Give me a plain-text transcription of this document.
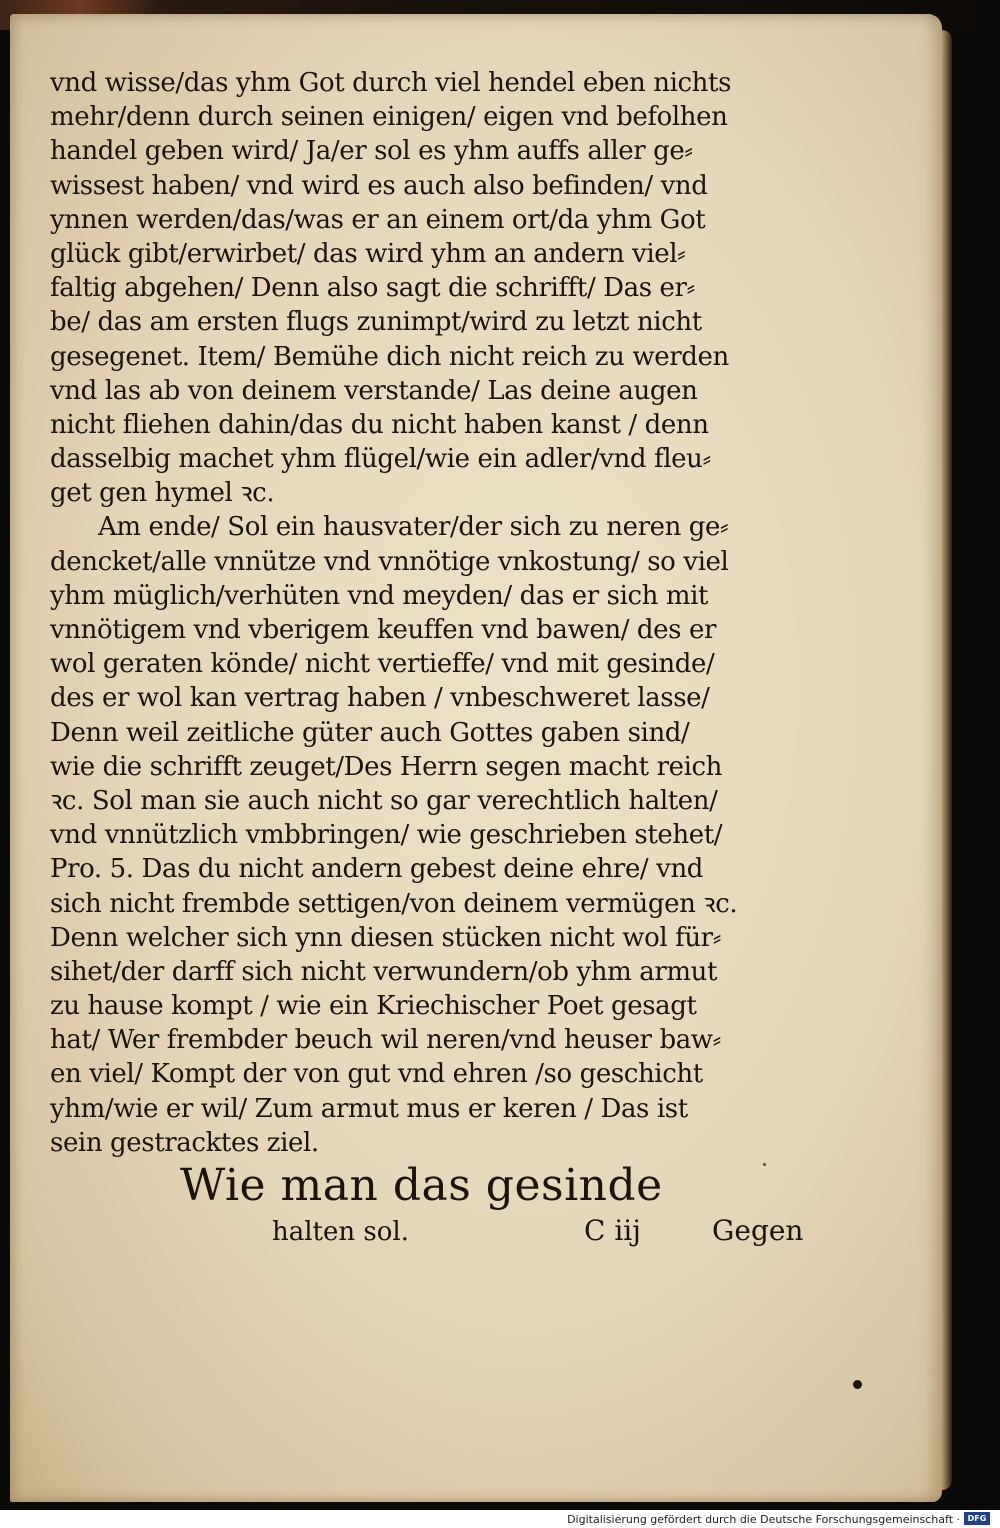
vnd wisse/das yhm Got durch viel hendel eben nichts
mehr/denn durch seinen einigen/ eigen vnd befolhen
handel geben wird/ Ja/er sol es yhm auffs aller ge⸗
wissest haben/ vnd wird es auch also befinden/ vnd
ynnen werden/das/was er an einem ort/da yhm Got
glück gibt/erwirbet/ das wird yhm an andern viel⸗
faltig abgehen/ Denn also sagt die schrifft/ Das er⸗
be/ das am ersten flugs zunimpt/wird zu letzt nicht
gesegenet. Item/ Bemühe dich nicht reich zu werden
vnd las ab von deinem verstande/ Las deine augen
nicht fliehen dahin/das du nicht haben kanst / denn
dasselbig machet yhm flügel/wie ein adler/vnd fleu⸗
get gen hymel ꝛc.
Am ende/ Sol ein hausvater/der sich zu neren ge⸗
dencket/alle vnnütze vnd vnnötige vnkostung/ so viel
yhm müglich/verhüten vnd meyden/ das er sich mit
vnnötigem vnd vberigem keuffen vnd bawen/ des er
wol geraten könde/ nicht vertieffe/ vnd mit gesinde/
des er wol kan vertrag haben / vnbeschweret lasse/
Denn weil zeitliche güter auch Gottes gaben sind/
wie die schrifft zeuget/Des Herrn segen macht reich
ꝛc. Sol man sie auch nicht so gar verechtlich halten/
vnd vnnützlich vmbbringen/ wie geschrieben stehet/
Pro. 5. Das du nicht andern gebest deine ehre/ vnd
sich nicht frembde settigen/von deinem vermügen ꝛc.
Denn welcher sich ynn diesen stücken nicht wol für⸗
sihet/der darff sich nicht verwundern/ob yhm armut
zu hause kompt / wie ein Kriechischer Poet gesagt
hat/ Wer frembder beuch wil neren/vnd heuser baw⸗
en viel/ Kompt der von gut vnd ehren /so geschicht
yhm/wie er wil/ Zum armut mus er keren / Das ist
sein gestracktes ziel.
Wie man das gesinde
halten sol.	C iij	Gegen
Digitalisierung gefördert durch die Deutsche Forschungsgemeinschaft · DFG
